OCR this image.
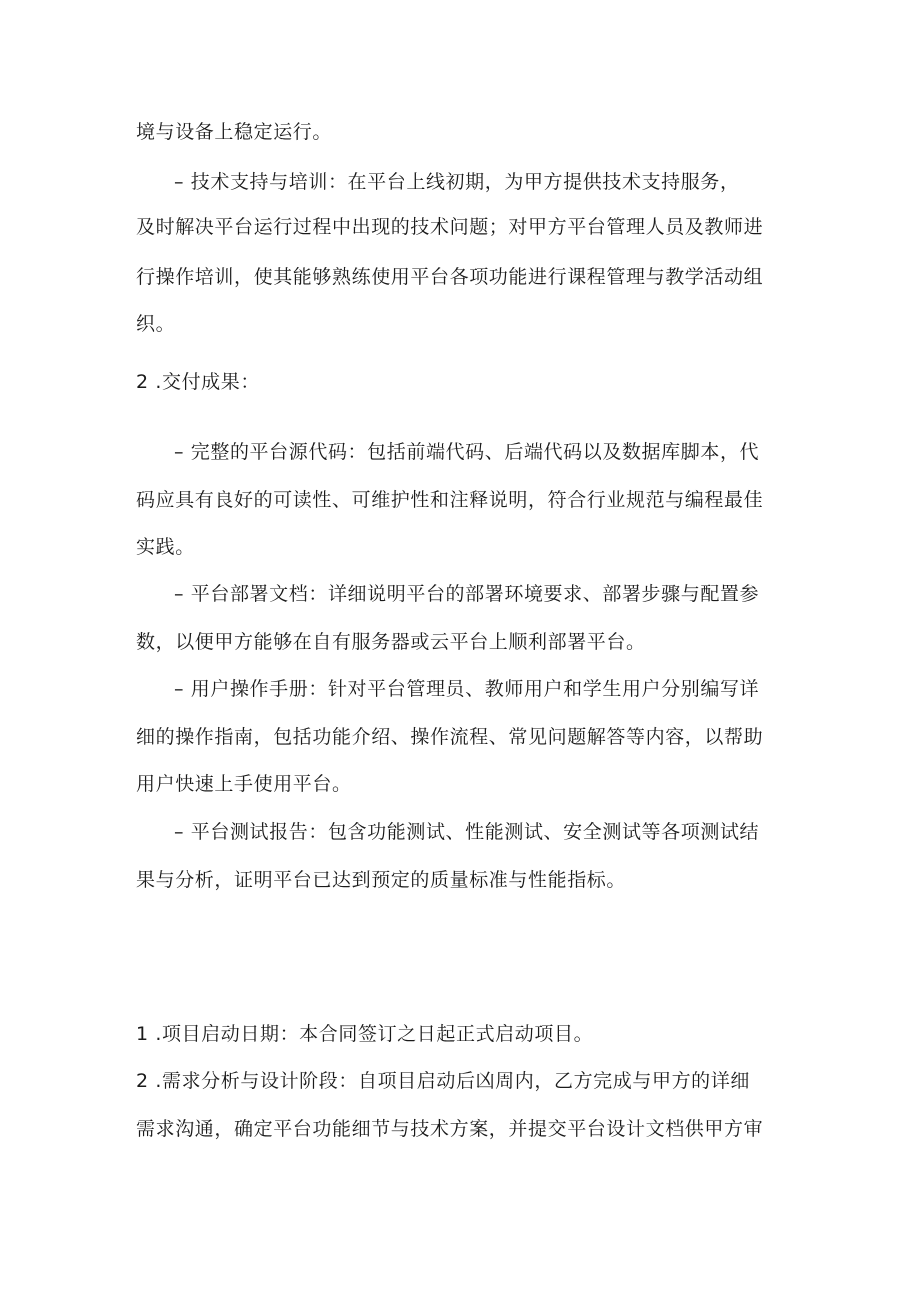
境与设备上稳定运行。
– 技术支持与培训：在平台上线初期，为甲方提供技术支持服务，
及时解决平台运行过程中出现的技术问题；对甲方平台管理人员及教师进
行操作培训，使其能够熟练使用平台各项功能进行课程管理与教学活动组
织。
2 .交付成果：
– 完整的平台源代码：包括前端代码、后端代码以及数据库脚本，代
码应具有良好的可读性、可维护性和注释说明，符合行业规范与编程最佳
实践。
– 平台部署文档：详细说明平台的部署环境要求、部署步骤与配置参
数，以便甲方能够在自有服务器或云平台上顺利部署平台。
– 用户操作手册：针对平台管理员、教师用户和学生用户分别编写详
细的操作指南，包括功能介绍、操作流程、常见问题解答等内容，以帮助
用户快速上手使用平台。
– 平台测试报告：包含功能测试、性能测试、安全测试等各项测试结
果与分析，证明平台已达到预定的质量标准与性能指标。
1 .项目启动日期：本合同签订之日起正式启动项目。
2 .需求分析与设计阶段：自项目启动后凶周内，乙方完成与甲方的详细
需求沟通，确定平台功能细节与技术方案，并提交平台设计文档供甲方审
